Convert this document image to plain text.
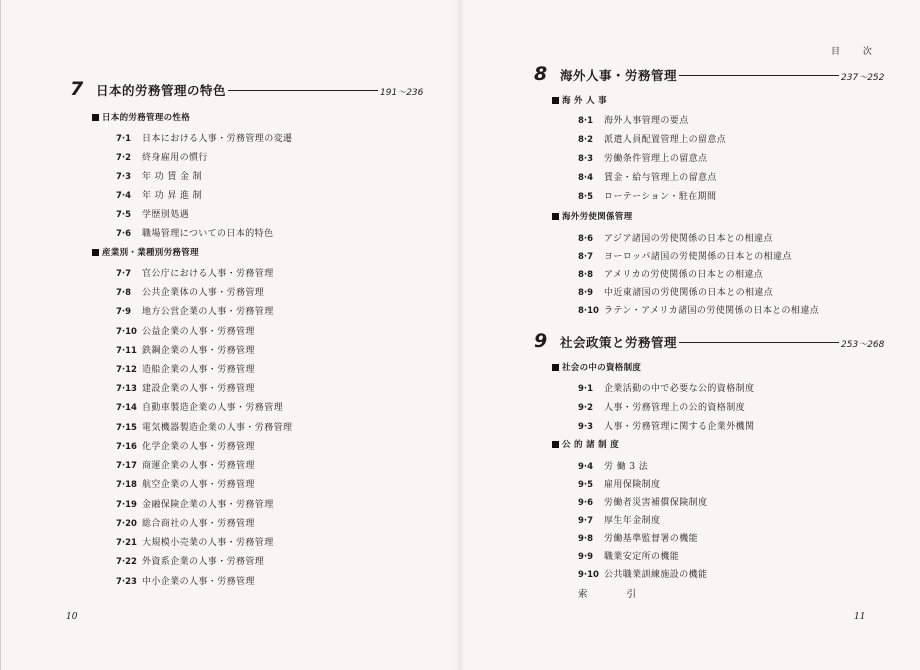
7	日本的労務管理の特色	191〜236
日本的労務管理の性格
7·1	日本における人事・労務管理の変遷
7·2	終身雇用の慣行
7·3	年 功 賃 金 制
7·4	年 功 昇 進 制
7·5	学歴別処遇
7·6	職場管理についての日本的特色
産業別・業種別労務管理
7·7	官公庁における人事・労務管理
7·8	公共企業体の人事・労務管理
7·9	地方公営企業の人事・労務管理
7·10 公益企業の人事・労務管理
7·11 鉄鋼企業の人事・労務管理
7·12 造船企業の人事・労務管理
7·13 建設企業の人事・労務管理
7·14 自動車製造企業の人事・労務管理
7·15 電気機器製造企業の人事・労務管理
7·16 化学企業の人事・労務管理
7·17 商運企業の人事・労務管理
7·18 航空企業の人事・労務管理
7·19 金融保険企業の人事・労務管理
7·20 総合商社の人事・労務管理
7·21 大規模小売業の人事・労務管理
7·22 外資系企業の人事・労務管理
7·23 中小企業の人事・労務管理
10
目 次
8	海外人事・労務管理	237〜252
海 外 人 事
8·1	海外人事管理の要点
8·2	派遣人員配置管理上の留意点
8·3	労働条件管理上の留意点
8·4	賃金・給与管理上の留意点
8·5	ローテーション・駐在期間
海外労使関係管理
8·6	アジア諸国の労使関係の日本との相違点
8·7	ヨーロッパ諸国の労使関係の日本との相違点
8·8	アメリカの労使関係の日本との相違点
8·9	中近東諸国の労使関係の日本との相違点
8·10 ラテン・アメリカ諸国の労使関係の日本との相違点
9	社会政策と労務管理	253〜268
社会の中の資格制度
9·1	企業活動の中で必要な公的資格制度
9·2	人事・労務管理上の公的資格制度
9·3	人事・労務管理に関する企業外機関
公 的 諸 制 度
9·4	労 働 3 法
9·5	雇用保険制度
9·6	労働者災害補償保険制度
9·7	厚生年金制度
9·8	労働基準監督署の機能
9·9	職業安定所の機能
9·10 公共職業訓練施設の機能
索 引
11
